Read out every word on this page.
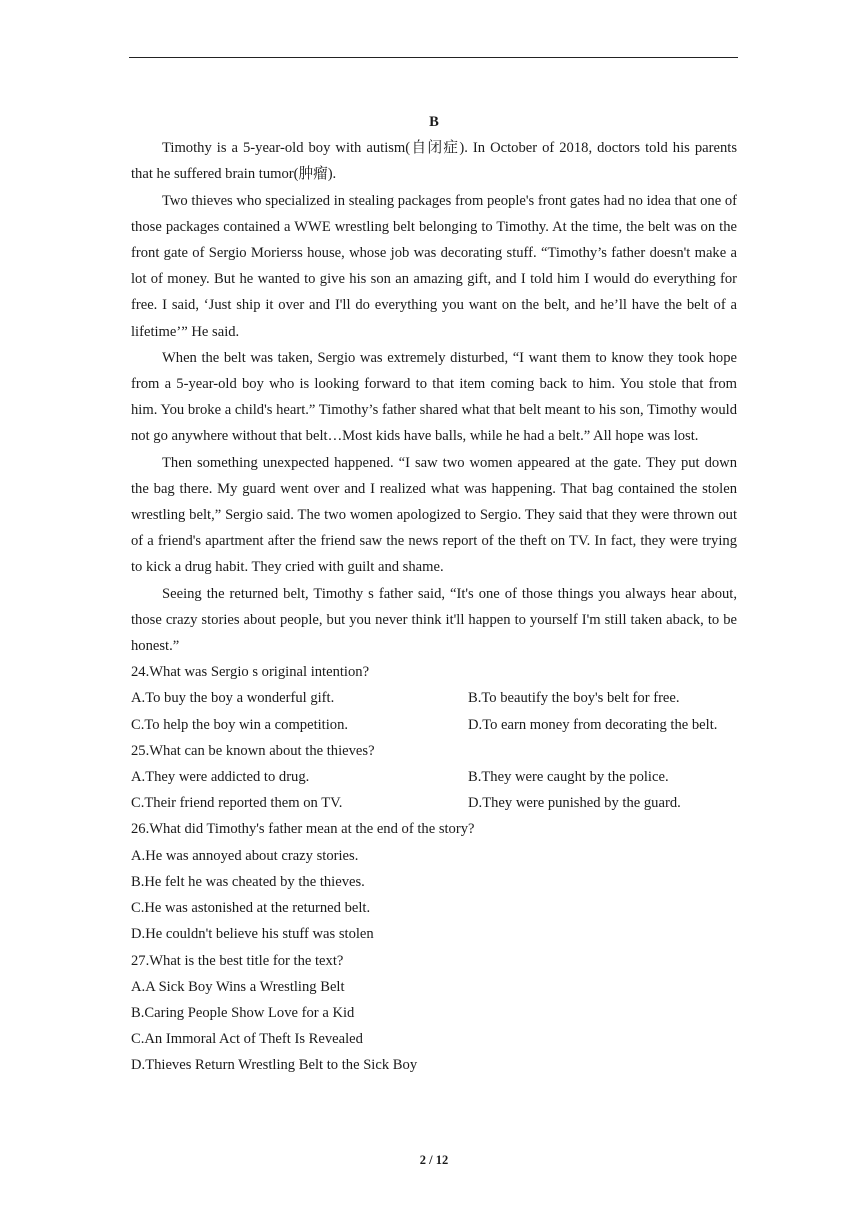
B

Timothy is a 5-year-old boy with autism(自闭症). In October of 2018, doctors told his parents that he suffered brain tumor(肿瘤).

Two thieves who specialized in stealing packages from people's front gates had no idea that one of those packages contained a WWE wrestling belt belonging to Timothy. At the time, the belt was on the front gate of Sergio Morierss house, whose job was decorating stuff. “Timothy’s father doesn't make a lot of money. But he wanted to give his son an amazing gift, and I told him I would do everything for free. I said, ‘Just ship it over and I'll do everything you want on the belt, and he’ll have the belt of a lifetime’” He said.

When the belt was taken, Sergio was extremely disturbed, “I want them to know they took hope from a 5-year-old boy who is looking forward to that item coming back to him. You stole that from him. You broke a child's heart.” Timothy’s father shared what that belt meant to his son, Timothy would not go anywhere without that belt…Most kids have balls, while he had a belt.” All hope was lost.

Then something unexpected happened. “I saw two women appeared at the gate. They put down the bag there. My guard went over and I realized what was happening. That bag contained the stolen wrestling belt,” Sergio said. The two women apologized to Sergio. They said that they were thrown out of a friend's apartment after the friend saw the news report of the theft on TV. In fact, they were trying to kick a drug habit. They cried with guilt and shame.

Seeing the returned belt, Timothy s father said, “It's one of those things you always hear about, those crazy stories about people, but you never think it'll happen to yourself I'm still taken aback, to be honest.”

24.What was Sergio s original intention?

A.To buy the boy a wonderful gift.	B.To beautify the boy's belt for free.

C.To help the boy win a competition.	D.To earn money from decorating the belt.

25.What can be known about the thieves?

A.They were addicted to drug.	B.They were caught by the police.

C.Their friend reported them on TV.	D.They were punished by the guard.

26.What did Timothy's father mean at the end of the story?

A.He was annoyed about crazy stories.

B.He felt he was cheated by the thieves.

C.He was astonished at the returned belt.

D.He couldn't believe his stuff was stolen

27.What is the best title for the text?

A.A Sick Boy Wins a Wrestling Belt

B.Caring People Show Love for a Kid

C.An Immoral Act of Theft Is Revealed

D.Thieves Return Wrestling Belt to the Sick Boy

2 / 12
